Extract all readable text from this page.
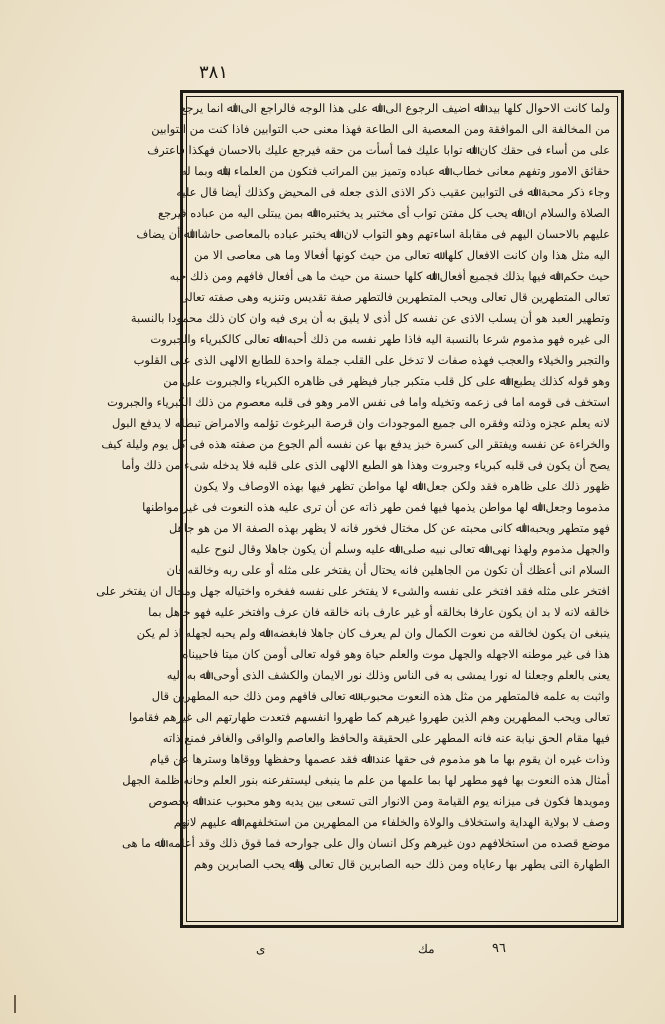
٣٨١
وﻟﻤﺎ ﻛﺎﻧﺖ اﻻﺣﻮال ﻛﻠﻬﺎ ﺑﻴﺪ اﷲ اﺿﻴﻒ اﻟﺮﺟﻮع اﻟﻰ اﷲ ﻋﻠﻰ ﻫﺬا اﻟﻮﺟﻪ ﻓﺎﻟﺮاﺟﻊ اﻟﻰ اﷲ اﻧﻤﺎ ﻳﺮﺟﻊ
ﻣﻦ اﻟﻤﺨﺎﻟﻔﺔ اﻟﻰ اﻟﻤﻮاﻓﻘﺔ وﻣﻦ اﻟﻤﻌﺼﻴﺔ اﻟﻰ اﻟﻄﺎﻋﺔ ﻓﻬﺬا ﻣﻌﻨﻰ ﺣﺐ اﻟﺘﻮاﺑﻴﻦ ﻓﺎذا ﻛﻨﺖ ﻣﻦ اﻟﺘﻮاﺑﻴﻦ
ﻋﻠﻰ ﻣﻦ أﺳﺎء ﻓﻰ ﺣﻘﻚ ﻛﺎن اﷲ ﺗﻮاﺑﺎ ﻋﻠﻴﻚ ﻓﻤﺎ أﺳﺄت ﻣﻦ ﺣﻘﻪ ﻓﻴﺮﺟﻊ ﻋﻠﻴﻚ ﺑﺎﻻﺣﺴﺎن ﻓﻬﻜﺬا ﻓﺎﻋﺘﺮف
ﺣﻘﺎﺋﻖ اﻻﻣﻮر وﺗﻔﻬﻢ ﻣﻌﺎﻧﻰ ﺧﻄﺎب اﷲ ﻋﺒﺎده وﺗﻤﻴﺰ ﺑﻴﻦ اﻟﻤﺮاﺗﺐ ﻓﺘﻜﻮن ﻣﻦ اﻟﻌﻠﻤﺎء ﺑﺎﷲ وﺑﻤﺎ ﻟﻪ
وﺟﺎء ذﻛﺮ ﻣﺤﺒﺔ اﷲ ﻓﻰ اﻟﺘﻮاﺑﻴﻦ ﻋﻘﻴﺐ ذﻛﺮ اﻻذى اﻟﺬى ﺟﻌﻠﻪ ﻓﻰ اﻟﻤﺤﻴﺾ وﻛﺬﻟﻚ أﻳﻀﺎ ﻗﺎل ﻋﻠﻴﻪ
اﻟﺼﻼة واﻟﺴﻼم ان اﷲ ﻳﺤﺐ ﻛﻞ ﻣﻔﺘﻦ ﺗﻮاب أى ﻣﺨﺘﺒﺮ ﻳﺪ ﻳﺨﺘﺒﺮه اﷲ ﺑﻤﻦ ﻳﺒﺘﻠﻰ اﻟﻴﻪ ﻣﻦ ﻋﺒﺎده ﻓﻴﺮﺟﻊ
ﻋﻠﻴﻬﻢ ﺑﺎﻻﺣﺴﺎن اﻟﻴﻬﻢ ﻓﻰ ﻣﻘﺎﺑﻠﺔ اﺳﺎءﺗﻬﻢ وﻫﻮ اﻟﺘﻮاب ﻻن اﷲ ﻳﺨﺘﺒﺮ ﻋﺒﺎده ﺑﺎﻟﻤﻌﺎﺻﻰ ﺣﺎﺷﺎ اﷲ أن ﻳﻀﺎف
اﻟﻴﻪ ﻣﺜﻞ ﻫﺬا وان ﻛﺎﻧﺖ اﻻﻓﻌﺎل ﻛﻠﻬﺎ ﷲ ﺗﻌﺎﻟﻰ ﻣﻦ ﺣﻴﺚ ﻛﻮﻧﻬﺎ أﻓﻌﺎﻻ وﻣﺎ ﻫﻰ ﻣﻌﺎﺻﻰ اﻻ ﻣﻦ
ﺣﻴﺚ ﺣﻜﻢ اﷲ ﻓﻴﻬﺎ ﺑﺬﻟﻚ ﻓﺠﻤﻴﻊ أﻓﻌﺎل اﷲ ﻛﻠﻬﺎ ﺣﺴﻨﺔ ﻣﻦ ﺣﻴﺚ ﻣﺎ ﻫﻰ أﻓﻌﺎل ﻓﺎﻓﻬﻢ وﻣﻦ ذﻟﻚ ﺣﺒﻪ
ﺗﻌﺎﻟﻰ اﻟﻤﺘﻄﻬﺮﻳﻦ ﻗﺎل ﺗﻌﺎﻟﻰ وﻳﺤﺐ اﻟﻤﺘﻄﻬﺮﻳﻦ ﻓﺎﻟﺘﻄﻬﺮ ﺻﻔﺔ ﺗﻘﺪﻳﺲ وﺗﻨﺰﻳﻪ وﻫﻰ ﺻﻔﺘﻪ ﺗﻌﺎﻟﻰ
وﺗﻄﻬﻴﺮ اﻟﻌﺒﺪ ﻫﻮ أن ﻳﺴﻠﺐ اﻻذى ﻋﻦ ﻧﻔﺴﻪ ﻛﻞ أذى ﻻ ﻳﻠﻴﻖ ﺑﻪ أن ﻳﺮى ﻓﻴﻪ وان ﻛﺎن ذﻟﻚ ﻣﺤﻤﻮدا ﺑﺎﻟﻨﺴﺒﺔ
اﻟﻰ ﻏﻴﺮه ﻓﻬﻮ ﻣﺬﻣﻮم ﺷﺮﻋﺎ ﺑﺎﻟﻨﺴﺒﺔ اﻟﻴﻪ ﻓﺎذا ﻃﻬﺮ ﻧﻔﺴﻪ ﻣﻦ ذﻟﻚ أﺣﺒﻪ اﷲ ﺗﻌﺎﻟﻰ ﻛﺎﻟﻜﺒﺮﻳﺎء واﻟﺠﺒﺮوت
واﻟﺘﺠﺒﺮ واﻟﺨﻴﻼء واﻟﻌﺠﺐ ﻓﻬﺬه ﺻﻔﺎت ﻻ ﺗﺪﺧﻞ ﻋﻠﻰ اﻟﻘﻠﺐ ﺟﻤﻠﺔ واﺣﺪة ﻟﻠﻄﺎﺑﻊ اﻻﻟﻬﻰ اﻟﺬى ﻋﻠﻰ اﻟﻘﻠﻮب
وﻫﻮ ﻗﻮﻟﻪ ﻛﺬﻟﻚ ﻳﻄﺒﻊ اﷲ ﻋﻠﻰ ﻛﻞ ﻗﻠﺐ ﻣﺘﻜﺒﺮ ﺟﺒﺎر ﻓﻴﻈﻬﺮ ﻓﻰ ﻇﺎﻫﺮه اﻟﻜﺒﺮﻳﺎء واﻟﺠﺒﺮوت ﻋﻠﻰ ﻣﻦ
اﺳﺘﺨﻒ ﻓﻰ ﻗﻮﻣﻪ اﻣﺎ ﻓﻰ زﻋﻤﻪ وﺗﺨﻴﻠﻪ واﻣﺎ ﻓﻰ ﻧﻔﺲ اﻻﻣﺮ وﻫﻮ ﻓﻰ ﻗﻠﺒﻪ ﻣﻌﺼﻮم ﻣﻦ ذﻟﻚ اﻟﻜﺒﺮﻳﺎء واﻟﺠﺒﺮوت
ﻻﻧﻪ ﻳﻌﻠﻢ ﻋﺠﺰه وذﻟﺘﻪ وﻓﻘﺮه اﻟﻰ ﺟﻤﻴﻊ اﻟﻤﻮﺟﻮدات وان ﻗﺮﺻﺔ اﻟﺒﺮﻏﻮث ﺗﺆﻟﻤﻪ واﻻﻣﺮاض ﺗﺒﻄﻠﻪ ﻻ ﻳﺪﻓﻊ اﻟﺒﻮل
واﻟﺨﺮاءة ﻋﻦ ﻧﻔﺴﻪ وﻳﻔﺘﻘﺮ اﻟﻰ ﻛﺴﺮة ﺧﺒﺰ ﻳﺪﻓﻊ ﺑﻬﺎ ﻋﻦ ﻧﻔﺴﻪ أﻟﻢ اﻟﺠﻮع ﻣﻦ ﺻﻔﺘﻪ ﻫﺬه ﻓﻰ ﻛﻞ ﻳﻮم وﻟﻴﻠﺔ ﻛﻴﻒ
ﻳﺼﺢ أن ﻳﻜﻮن ﻓﻰ ﻗﻠﺒﻪ ﻛﺒﺮﻳﺎء وﺟﺒﺮوت وﻫﺬا ﻫﻮ اﻟﻄﺒﻊ اﻻﻟﻬﻰ اﻟﺬى ﻋﻠﻰ ﻗﻠﺒﻪ ﻓﻼ ﻳﺪﺧﻠﻪ ﺷﻰء ﻣﻦ ذﻟﻚ وأﻣﺎ
ﻇﻬﻮر ذﻟﻚ ﻋﻠﻰ ﻇﺎﻫﺮه ﻓﻘﺪ وﻟﻜﻦ ﺟﻌﻞ اﷲ ﻟﻬﺎ ﻣﻮاﻃﻦ ﺗﻈﻬﺮ ﻓﻴﻬﺎ ﺑﻬﺬه اﻻوﺻﺎف وﻻ ﻳﻜﻮن
ﻣﺬﻣﻮﻣﺎ وﺟﻌﻞ اﷲ ﻟﻬﺎ ﻣﻮاﻃﻦ ﻳﺬﻣﻬﺎ ﻓﻴﻬﺎ ﻓﻤﻦ ﻃﻬﺮ ذاﺗﻪ ﻋﻦ أن ﺗﺮى ﻋﻠﻴﻪ ﻫﺬه اﻟﻨﻌﻮت ﻓﻰ ﻏﻴﺮ ﻣﻮاﻃﻨﻬﺎ
ﻓﻬﻮ ﻣﺘﻄﻬﺮ وﻳﺤﺒﻪ اﷲ ﻛﺎﻧﻰ ﻣﺤﺒﺘﻪ ﻋﻦ ﻛﻞ ﻣﺨﺘﺎل ﻓﺨﻮر ﻓﺎﻧﻪ ﻻ ﻳﻈﻬﺮ ﺑﻬﺬه اﻟﺼﻔﺔ اﻻ ﻣﻦ ﻫﻮ ﺟﺎﻫﻞ
واﻟﺠﻬﻞ ﻣﺬﻣﻮم وﻟﻬﺬا ﻧﻬﻰ اﷲ ﺗﻌﺎﻟﻰ ﻧﺒﻴﻪ ﺻﻠﻰ اﷲ ﻋﻠﻴﻪ وﺳﻠﻢ أن ﻳﻜﻮن ﺟﺎﻫﻼ وﻗﺎل ﻟﻨﻮح ﻋﻠﻴﻪ
اﻟﺴﻼم اﻧﻰ أﻋﻈﻚ أن ﺗﻜﻮن ﻣﻦ اﻟﺠﺎﻫﻠﻴﻦ ﻓﺎﻧﻪ ﻳﺤﺘﺎل أن ﻳﻔﺘﺨﺮ ﻋﻠﻰ ﻣﺜﻠﻪ أو ﻋﻠﻰ رﺑﻪ وﺧﺎﻟﻘﻪ ﻓﺎن
اﻓﺘﺨﺮ ﻋﻠﻰ ﻣﺜﻠﻪ ﻓﻘﺪ اﻓﺘﺨﺮ ﻋﻠﻰ ﻧﻔﺴﻪ واﻟﺸﻰء ﻻ ﻳﻔﺘﺨﺮ ﻋﻠﻰ ﻧﻔﺴﻪ ﻓﻔﺨﺮه واﺧﺘﻴﺎﻟﻪ ﺟﻬﻞ وﻣﺤﺎل ان ﻳﻔﺘﺨﺮ ﻋﻠﻰ
ﺧﺎﻟﻘﻪ ﻻﻧﻪ ﻻ ﺑﺪ ان ﻳﻜﻮن ﻋﺎرﻓﺎ ﺑﺨﺎﻟﻘﻪ أو ﻏﻴﺮ ﻋﺎرف ﺑﺎﻧﻪ ﺧﺎﻟﻘﻪ ﻓﺎن ﻋﺮف واﻓﺘﺨﺮ ﻋﻠﻴﻪ ﻓﻬﻮ ﺟﺎﻫﻞ ﺑﻤﺎ
ﻳﻨﺒﻐﻰ ان ﻳﻜﻮن ﻟﺨﺎﻟﻘﻪ ﻣﻦ ﻧﻌﻮت اﻟﻜﻤﺎل وان ﻟﻢ ﻳﻌﺮف ﻛﺎن ﺟﺎﻫﻼ ﻓﺎﺑﻐﻀﻪ اﷲ وﻟﻢ ﻳﺤﺒﻪ ﻟﺠﻬﻠﻪ اذ ﻟﻢ ﻳﻜﻦ
ﻫﺬا ﻓﻰ ﻏﻴﺮ ﻣﻮﻃﻨﻪ اﻻﺟﻬﻠﻪ واﻟﺠﻬﻞ ﻣﻮت واﻟﻌﻠﻢ ﺣﻴﺎة وﻫﻮ ﻗﻮﻟﻪ ﺗﻌﺎﻟﻰ أوﻣﻦ ﻛﺎن ﻣﻴﺘﺎ ﻓﺎﺣﻴﻴﻨﺎه
ﻳﻌﻨﻰ ﺑﺎﻟﻌﻠﻢ وﺟﻌﻠﻨﺎ ﻟﻪ ﻧﻮرا ﻳﻤﺸﻰ ﺑﻪ ﻓﻰ اﻟﻨﺎس وذﻟﻚ ﻧﻮر اﻻﻳﻤﺎن واﻟﻜﺸﻒ اﻟﺬى أوﺣﻰ اﷲ ﺑﻪ اﻟﻴﻪ
واﺛﺒﺖ ﺑﻪ ﻋﻠﻤﻪ ﻓﺎﻟﻤﺘﻄﻬﺮ ﻣﻦ ﻣﺜﻞ ﻫﺬه اﻟﻨﻌﻮت ﻣﺤﺒﻮب ﷲ ﺗﻌﺎﻟﻰ ﻓﺎﻓﻬﻢ وﻣﻦ ذﻟﻚ ﺣﺒﻪ اﻟﻤﻄﻬﺮﻳﻦ ﻗﺎل
ﺗﻌﺎﻟﻰ وﻳﺤﺐ اﻟﻤﻄﻬﺮﻳﻦ وﻫﻢ اﻟﺬﻳﻦ ﻃﻬﺮوا ﻏﻴﺮﻫﻢ ﻛﻤﺎ ﻃﻬﺮوا اﻧﻔﺴﻬﻢ ﻓﺘﻌﺪت ﻃﻬﺎرﺗﻬﻢ اﻟﻰ ﻏﻴﺮﻫﻢ ﻓﻘﺎﻣﻮا
ﻓﻴﻬﺎ ﻣﻘﺎم اﻟﺤﻖ ﻧﻴﺎﺑﺔ ﻋﻨﻪ ﻓﺎﻧﻪ اﻟﻤﻄﻬﺮ ﻋﻠﻰ اﻟﺤﻘﻴﻘﺔ واﻟﺤﺎﻓﻆ واﻟﻌﺎﺻﻢ واﻟﻮاﻗﻰ واﻟﻐﺎﻓﺮ ﻓﻤﻨﻊ ذاﺗﻪ
وذات ﻏﻴﺮه ان ﻳﻘﻮم ﺑﻬﺎ ﻣﺎ ﻫﻮ ﻣﺬﻣﻮم ﻓﻰ ﺣﻘﻬﺎ ﻋﻨﺪ اﷲ ﻓﻘﺪ ﻋﺼﻤﻬﺎ وﺣﻔﻈﻬﺎ ووﻗﺎﻫﺎ وﺳﺘﺮﻫﺎ ﻋﻦ ﻗﻴﺎم
أﻣﺜﺎل ﻫﺬه اﻟﻨﻌﻮت ﺑﻬﺎ ﻓﻬﻮ ﻣﻄﻬﺮ ﻟﻬﺎ ﺑﻤﺎ ﻋﻠﻤﻬﺎ ﻣﻦ ﻋﻠﻢ ﻣﺎ ﻳﻨﺒﻐﻰ ﻟﻴﺴﺘﻔﺮﻋﻨﻪ ﺑﻨﻮر اﻟﻌﻠﻢ وﺣﺎﻧﻪ ﻇﻠﻤﺔ اﻟﺠﻬﻞ
وﻣﻮﻳﺪﻫﺎ ﻓﻜﻮن ﻓﻰ ﻣﻴﺰاﻧﻪ ﻳﻮم اﻟﻘﻴﺎﻣﺔ وﻣﻦ اﻻﻧﻮار اﻟﺘﻰ ﺗﺴﻌﻰ ﺑﻴﻦ ﻳﺪﻳﻪ وﻫﻮ ﻣﺤﺒﻮب ﻋﻨﺪ اﷲ ﺑﺨﺼﻮص
وﺻﻒ ﻻ ﺑﻮﻻﻳﺔ اﻟﻬﺪاﻳﺔ واﺳﺘﺨﻼف واﻟﻮﻻة واﻟﺨﻠﻔﺎء ﻣﻦ اﻟﻤﻄﻬﺮﻳﻦ ﻣﻦ اﺳﺘﺨﻠﻔﻬﻢ اﷲ ﻋﻠﻴﻬﻢ ﻻﻧﻬﻢ
ﻣﻮﺿﻊ ﻗﺼﺪه ﻣﻦ اﺳﺘﺨﻼﻓﻬﻢ دون ﻏﻴﺮﻫﻢ وﻛﻞ اﻧﺴﺎن وال ﻋﻠﻰ ﺟﻮارﺣﻪ ﻓﻤﺎ ﻓﻮق ذﻟﻚ وﻗﺪ أﻋﻠﻤﻪ اﷲ ﻣﺎ ﻫﻰ
اﻟﻄﻬﺎرة اﻟﺘﻰ ﻳﻄﻬﺮ ﺑﻬﺎ رﻋﺎﻳﺎه وﻣﻦ ذﻟﻚ ﺣﺒﻪ اﻟﺼﺎﺑﺮﻳﻦ ﻗﺎل ﺗﻌﺎﻟﻰ واﷲ ﻳﺤﺐ اﻟﺼﺎﺑﺮﻳﻦ وﻫﻢ
ى	مك	٩٦
